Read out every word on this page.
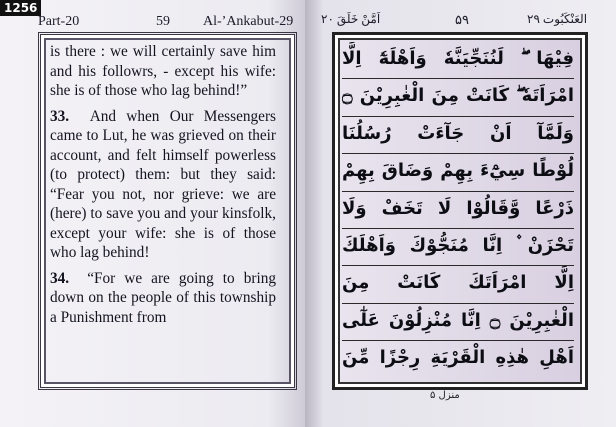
1256
Part-20	59 Al-’Ankabut-29

is there : we will certainly save him and his followrs, - except his wife: she is of those who lag behind!”

33. And when Our Messengers came to Lut, he was grieved on their account, and felt himself powerless (to protect) them: but they said: “Fear you not, nor grieve: we are (here) to save you and your kinsfolk, except your wife: she is of those who lag behind!

34. “For we are going to bring down on the people of this township a Punishment from

اَمَّنْ خَلَقَ ۲۰	۵۹	العَنْكَبُوت ۲۹
فِيْهَا ۖ لَنُنَجِّيَنَّهٗ وَاَهْلَهٗٓ اِلَّا
امْرَاَتَهٗ ۖ كَانَتْ مِنَ الْغٰبِرِيْنَ ۝
وَلَمَّآ اَنْ جَآءَتْ رُسُلُنَا
لُوْطًا سِيْٓءَ بِهِمْ وَضَاقَ بِهِمْ
ذَرْعًا وَّقَالُوْا لَا تَخَفْ وَلَا
تَحْزَنْ ۫ اِنَّا مُنَجُّوْكَ وَاَهْلَكَ
اِلَّا امْرَاَتَكَ كَانَتْ مِنَ
الْغٰبِرِيْنَ ۝ اِنَّا مُنْزِلُوْنَ عَلٰٓى
اَهْلِ هٰذِهِ الْقَرْيَةِ رِجْزًا مِّنَ
منزل ۵
